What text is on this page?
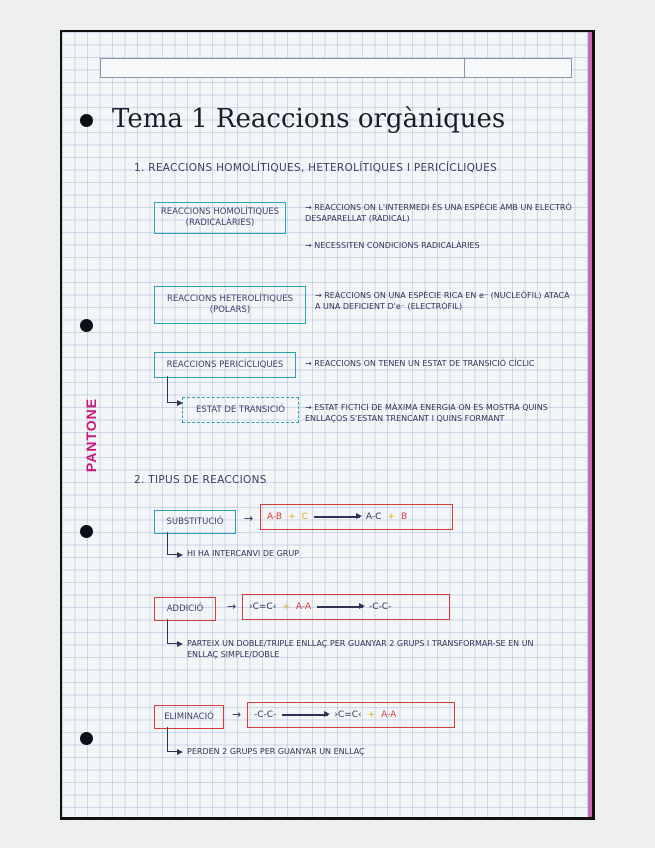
PANTONE
Tema 1 Reaccions orgàniques
1. REACCIONS HOMOLÍTIQUES, HETEROLÍTIQUES I PERICÍCLIQUES
REACCIONS HOMOLÍTIQUES (RADICALÀRIES)
→ REACCIONS ON L'INTERMEDI ÉS UNA ESPÈCIE AMB UN ELECTRÓ DESAPARELLAT (RADICAL)
→ NECESSITEN CONDICIONS RADICALÀRIES
REACCIONS HETEROLÍTIQUES (POLARS)
→ REACCIONS ON UNA ESPÈCIE RICA EN e⁻ (NUCLEÒFIL) ATACA A UNA DEFICIENT D'e⁻ (ELECTRÒFIL)
REACCIONS PERICÍCLIQUES	→ REACCIONS ON TENEN UN ESTAT DE TRANSICIÓ CÍCLIC
ESTAT DE TRANSICIÓ	→ ESTAT FICTICI DE MÀXIMA ENERGIA ON ES MOSTRA QUINS ENLLAÇOS S'ESTAN TRENCANT I QUINS FORMANT
2. TIPUS DE REACCIONS
SUBSTITUCIÓ	→ A-B + C	A-C + B
HI HA INTERCANVI DE GRUP
ADDICIÓ	→ ›C=C‹ + A-A	-C-C-
PARTEIX UN DOBLE/TRIPLE ENLLAÇ PER GUANYAR 2 GRUPS I TRANSFORMAR-SE EN UN ENLLAÇ SIMPLE/DOBLE
ELIMINACIÓ	→ -C-C-	›C=C‹ + A-A
PERDEN 2 GRUPS PER GUANYAR UN ENLLAÇ
